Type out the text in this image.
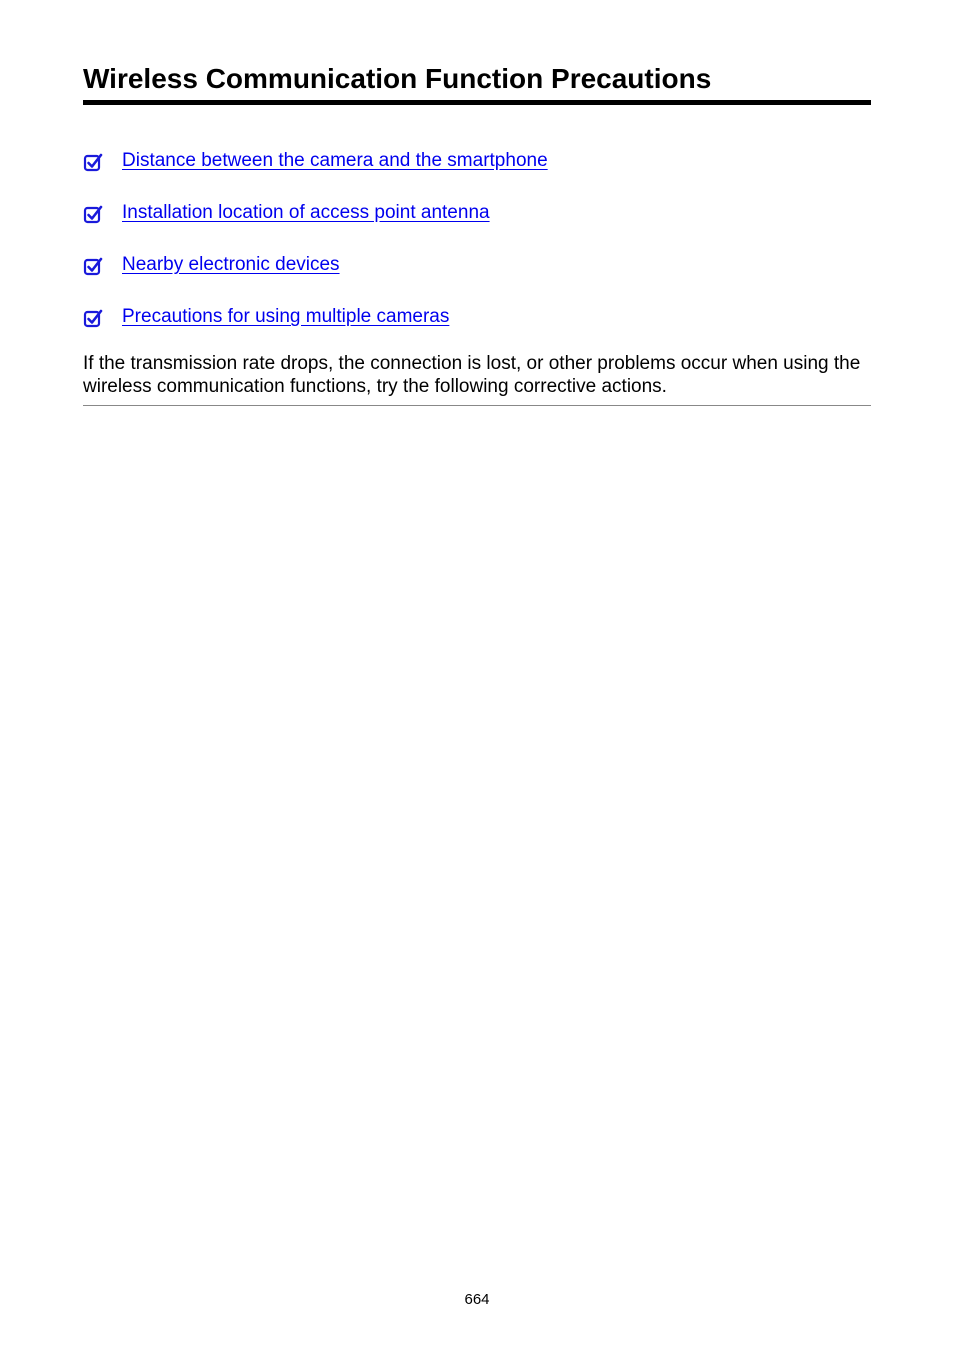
Wireless Communication Function Precautions
Distance between the camera and the smartphone
Installation location of access point antenna
Nearby electronic devices
Precautions for using multiple cameras

If the transmission rate drops, the connection is lost, or other problems occur when using the wireless communication functions, try the following corrective actions.

664
